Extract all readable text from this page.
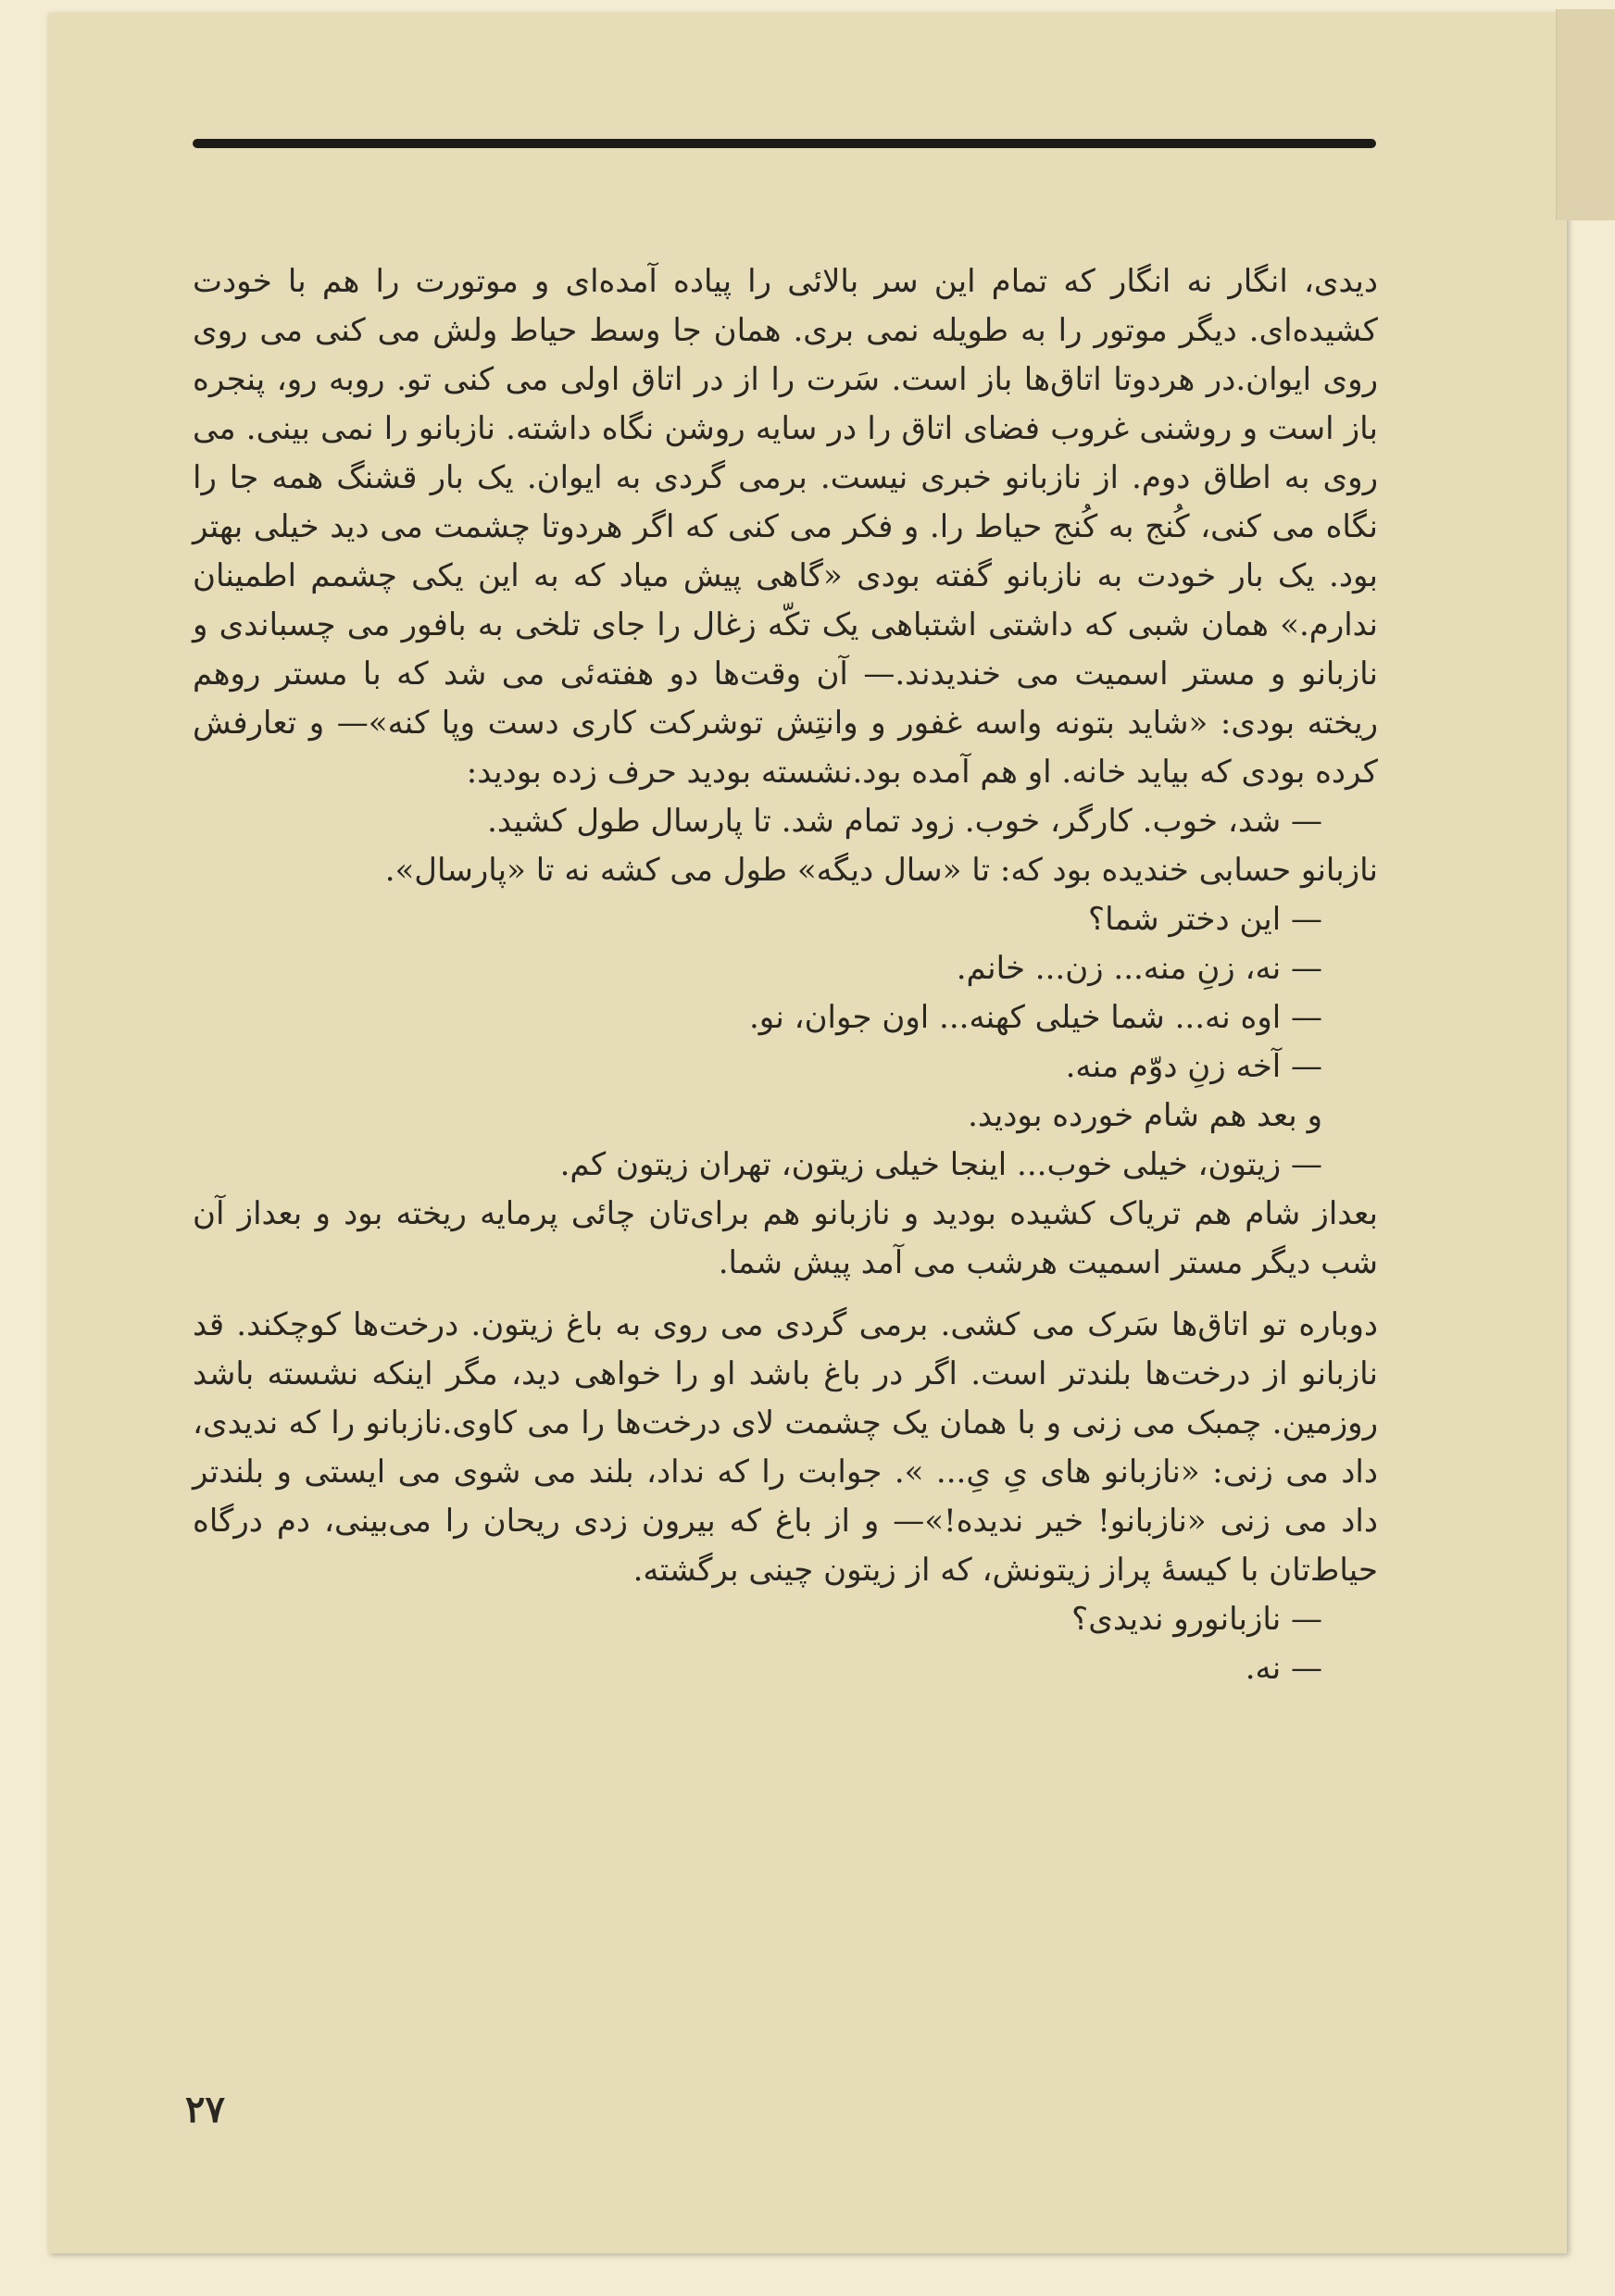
دیدی، انگار نه انگار که تمام این سر بالائی را پیاده آمده‌ای و موتورت را هم با خودت کشیده‌ای. دیگر موتور را به طویله نمی بری. همان جا وسط حیاط ولش می کنی می روی روی ایوان.در هردوتا اتاق‌ها باز است. سَرت را از در اتاق اولی می کنی تو. روبه رو، پنجره باز است و روشنی غروب فضای اتاق را در سایه روشن نگاه داشته. نازبانو را نمی بینی. می روی به اطاق دوم. از نازبانو خبری نیست. برمی گردی به ایوان. یک بار قشنگ همه جا را نگاه می کنی، کُنج به کُنج حیاط را. و فکر می کنی که اگر هردوتا چشمت می دید خیلی بهتر بود. یک بار خودت به نازبانو گفته بودی «گاهی پیش میاد که به این یکی چشمم اطمینان ندارم.» همان شبی که داشتی اشتباهی یک تکّه زغال را جای تلخی به بافور می چسباندی و نازبانو و مستر اسمیت می خندیدند.— آن وقت‌ها دو هفته‌ئی می شد که با مستر روهم ریخته بودی: «شاید بتونه واسه غفور و وانتِش توشرکت کاری دست وپا کنه»— و تعارفش کرده بودی که بیاید خانه. او هم آمده بود.نشسته بودید حرف زده بودید:

— شد، خوب. کارگر، خوب. زود تمام شد. تا پارسال طول کشید.

نازبانو حسابی خندیده بود که: تا «سال دیگه» طول می کشه نه تا «پارسال».

— این دختر شما؟

— نه، زنِ منه... زن... خانم.

— اوه نه... شما خیلی کهنه... اون جوان، نو.

— آخه زنِ دوّم منه.

و بعد هم شام خورده بودید.

— زیتون، خیلی خوب... اینجا خیلی زیتون، تهران زیتون کم.

بعداز شام هم تریاک کشیده بودید و نازبانو هم برای‌تان چائی پرمایه ریخته بود و بعداز آن شب دیگر مستر اسمیت هرشب می آمد پیش شما.

دوباره تو اتاق‌ها سَرک می کشی. برمی گردی می روی به باغ زیتون. درخت‌ها کوچکند. قد نازبانو از درخت‌ها بلندتر است. اگر در باغ باشد او را خواهی دید، مگر اینکه نشسته باشد روزمین. چمبک می زنی و با همان یک چشمت لای درخت‌ها را می کاوی.نازبانو را که ندیدی، داد می زنی: «نازبانو های یِ یِ... ». جوابت را که نداد، بلند می شوی می ایستی و بلندتر داد می زنی «نازبانو! خیر ندیده!»— و از باغ که بیرون زدی ریحان را می‌بینی، دم درگاه حیاط‌تان با کیسهٔ پراز زیتونش، که از زیتون چینی برگشته.

— نازبانورو ندیدی؟

— نه.

۲۷
